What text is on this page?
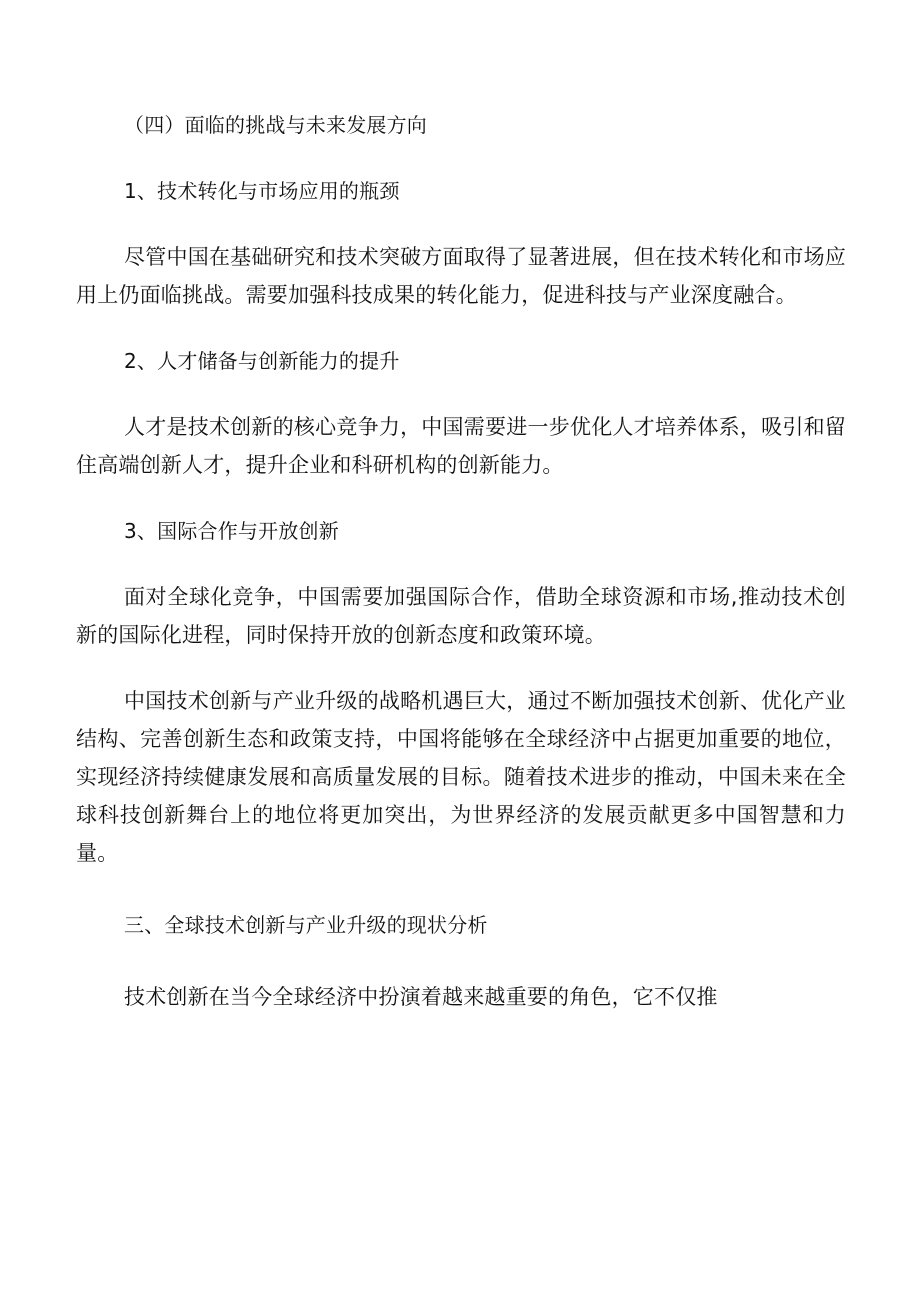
（四）面临的挑战与未来发展方向

1、技术转化与市场应用的瓶颈

尽管中国在基础研究和技术突破方面取得了显著进展，但在技术转化和市场应用上仍面临挑战。需要加强科技成果的转化能力，促进科技与产业深度融合。

2、人才储备与创新能力的提升

人才是技术创新的核心竞争力，中国需要进一步优化人才培养体系，吸引和留住高端创新人才，提升企业和科研机构的创新能力。

3、国际合作与开放创新

面对全球化竞争，中国需要加强国际合作，借助全球资源和市场,推动技术创新的国际化进程，同时保持开放的创新态度和政策环境。

中国技术创新与产业升级的战略机遇巨大，通过不断加强技术创新、优化产业结构、完善创新生态和政策支持，中国将能够在全球经济中占据更加重要的地位，实现经济持续健康发展和高质量发展的目标。随着技术进步的推动，中国未来在全球科技创新舞台上的地位将更加突出，为世界经济的发展贡献更多中国智慧和力量。

三、全球技术创新与产业升级的现状分析

技术创新在当今全球经济中扮演着越来越重要的角色，它不仅推
